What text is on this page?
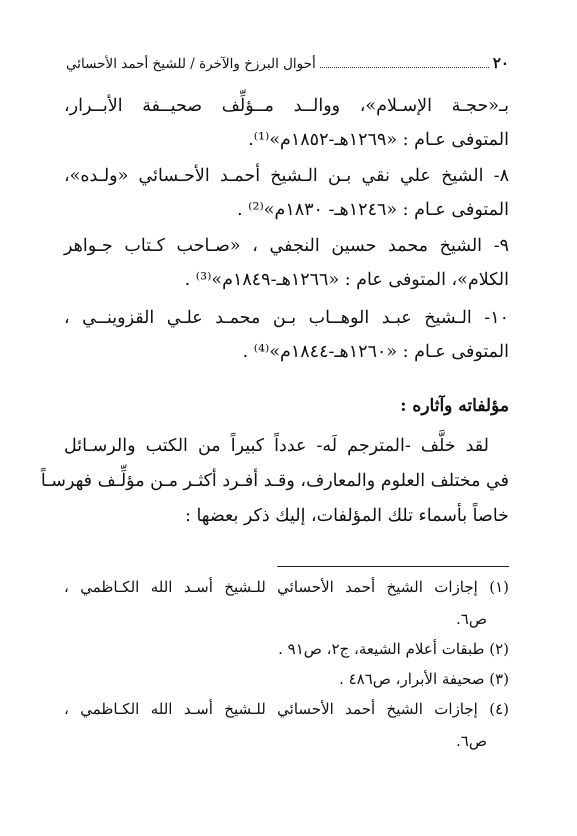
٢٠
أحوال البرزخ والآخرة / للشيخ أحمد الأحسائي
بـ«حجـة الإسـلام»، ووالــد مــؤلِّف صحيــفة الأبــرار،
المتوفى عـام : «١٢٦٩هـ-١٨٥٢م»⁽¹⁾.
٨- الشيخ علي نقي بـن الـشيخ أحمـد الأحـسائي «ولـده»،
المتوفى عـام : «١٢٤٦هـ- ١٨٣٠م»⁽²⁾ .
٩- الشيخ محمد حسين النجفي ، «صـاحب كـتاب جـواهر
الكلام»، المتوفى عام : «١٢٦٦هـ-١٨٤٩م»⁽³⁾ .
١٠- الـشيخ عبـد الوهــاب بـن محمـد علـي القزوينــي ،
المتوفى عـام : «١٢٦٠هـ-١٨٤٤م»⁽⁴⁾ .
مؤلفاته وآثاره :
لقد خلَّف -المترجم لَه- عدداً كبيراً من الكتب والرسـائل
في مختلف العلوم والمعارف، وقـد أفـرد أكثـر مـن مؤلِّـف فهرسـاً
خاصاً بأسماء تلك المؤلفات، إليك ذكر بعضها :
(١) إجازات الشيخ أحمد الأحسائي للـشيخ أسـد الله الكـاظمي ،
ص٦.
(٢) طبقات أعلام الشيعة، ج٢، ص٩١ .
(٣) صحيفة الأبرار، ص٤٨٦ .
(٤) إجازات الشيخ أحمد الأحسائي للـشيخ أسـد الله الكـاظمي ،
ص٦.
